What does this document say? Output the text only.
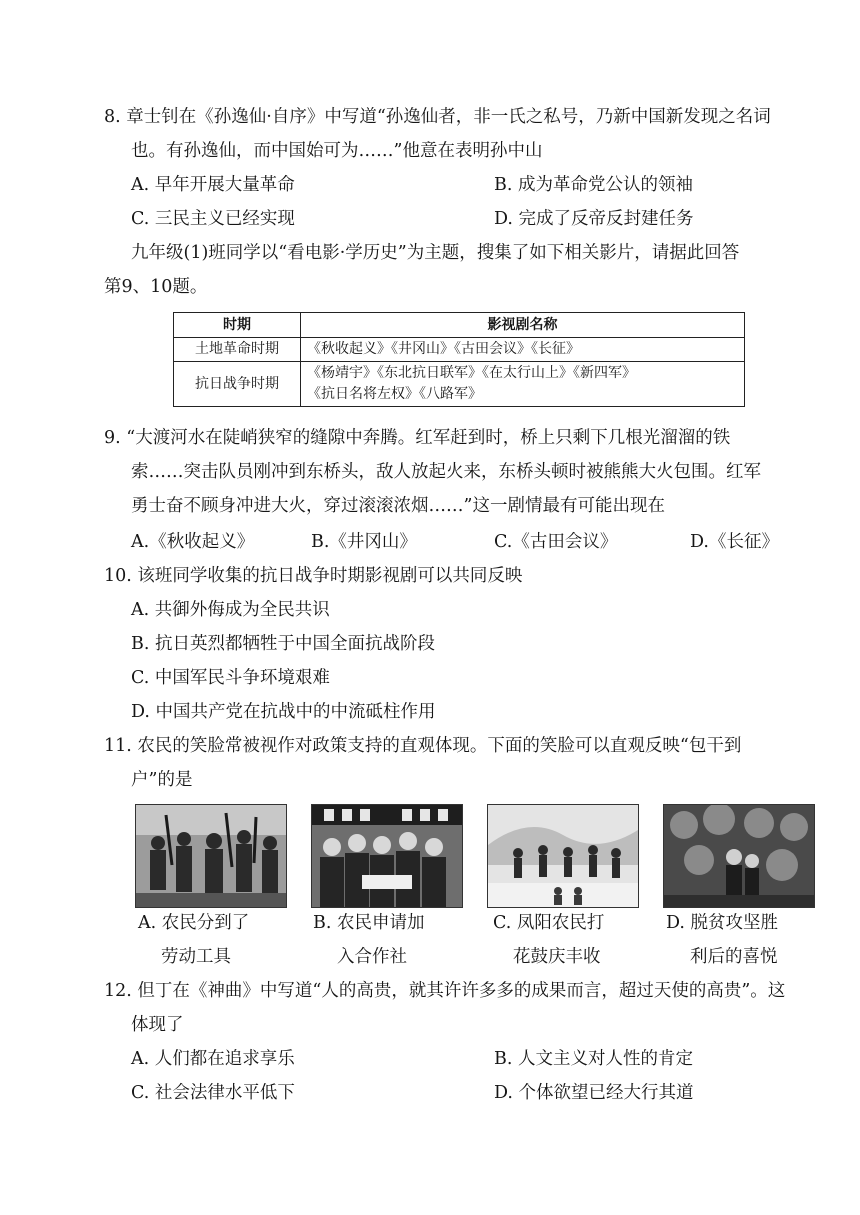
8. 章士钊在《孙逸仙·自序》中写道“孙逸仙者，非一氏之私号，乃新中国新发现之名词
也。有孙逸仙，而中国始可为……”他意在表明孙中山
A. 早年开展大量革命	B. 成为革命党公认的领袖
C. 三民主义已经实现	D. 完成了反帝反封建任务
九年级(1)班同学以“看电影·学历史”为主题，搜集了如下相关影片，请据此回答
第9、10题。
时期	影视剧名称
土地革命时期	《秋收起义》《井冈山》《古田会议》《长征》
抗日战争时期	《杨靖宇》《东北抗日联军》《在太行山上》《新四军》
《抗日名将左权》《八路军》
9. “大渡河水在陡峭狭窄的缝隙中奔腾。红军赶到时，桥上只剩下几根光溜溜的铁
索……突击队员刚冲到东桥头，敌人放起火来，东桥头顿时被熊熊大火包围。红军
勇士奋不顾身冲进大火，穿过滚滚浓烟……”这一剧情最有可能出现在
A.《秋收起义》	B.《井冈山》	C.《古田会议》	D.《长征》
10. 该班同学收集的抗日战争时期影视剧可以共同反映
A. 共御外侮成为全民共识
B. 抗日英烈都牺牲于中国全面抗战阶段
C. 中国军民斗争环境艰难
D. 中国共产党在抗战中的中流砥柱作用
11. 农民的笑脸常被视作对政策支持的直观体现。下面的笑脸可以直观反映“包干到
户”的是
A. 农民分到了
劳动工具
B. 农民申请加
入合作社
C. 凤阳农民打
花鼓庆丰收
D. 脱贫攻坚胜
利后的喜悦
12. 但丁在《神曲》中写道“人的高贵，就其许许多多的成果而言，超过天使的高贵”。这
体现了
A. 人们都在追求享乐	B. 人文主义对人性的肯定
C. 社会法律水平低下	D. 个体欲望已经大行其道
